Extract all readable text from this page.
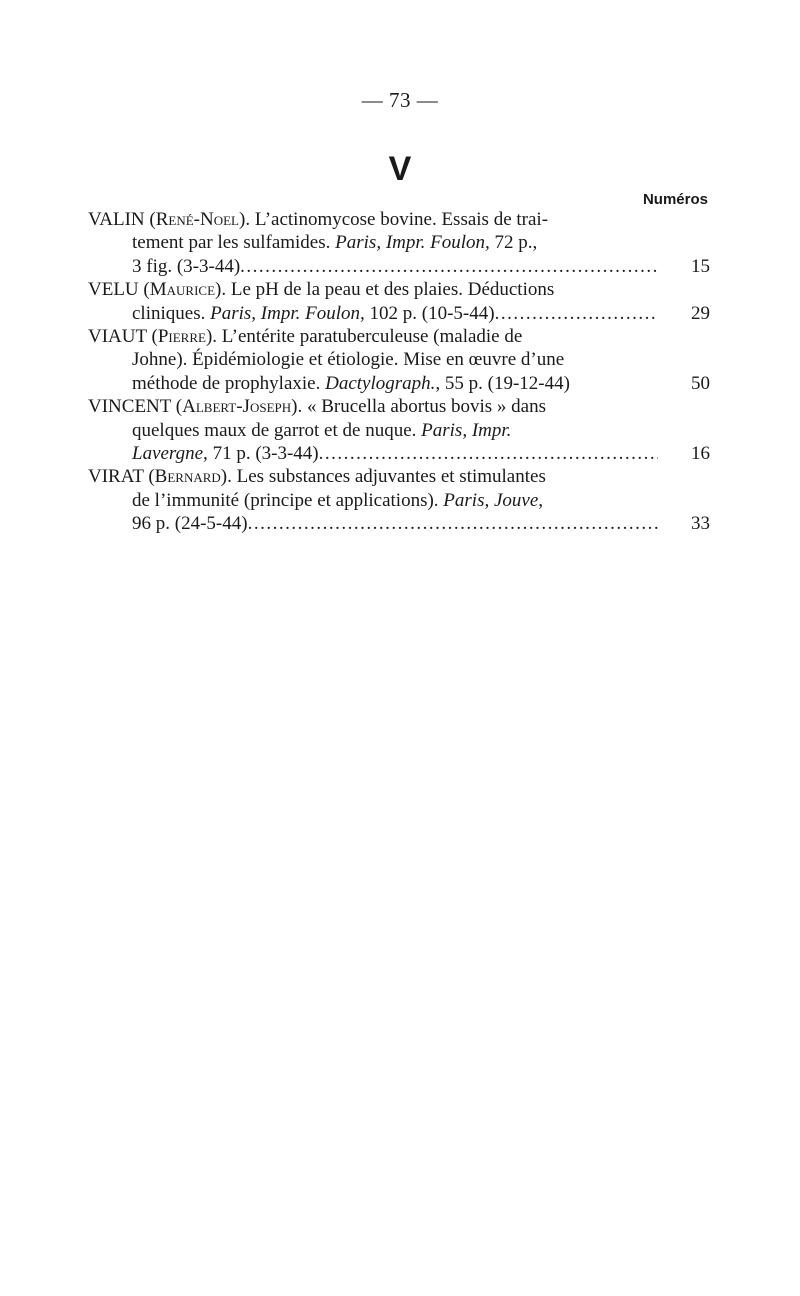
— 73 —
V
Numéros
VALIN (René-Noel). L’actinomycose bovine. Essais de trai-
tement par les sulfamides. Paris, Impr. Foulon, 72 p.,
3 fig. (3-3-44) .....	15
VELU (Maurice). Le pH de la peau et des plaies. Déductions
cliniques. Paris, Impr. Foulon, 102 p. (10-5-44) .....	29
VIAUT (Pierre). L’entérite paratuberculeuse (maladie de
Johne). Épidémiologie et étiologie. Mise en œuvre d’une
méthode de prophylaxie. Dactylograph., 55 p. (19-12-44)	50
VINCENT (Albert-Joseph). « Brucella abortus bovis » dans
quelques maux de garrot et de nuque. Paris, Impr.
Lavergne, 71 p. (3-3-44) .....	16
VIRAT (Bernard). Les substances adjuvantes et stimulantes
de l’immunité (principe et applications). Paris, Jouve,
96 p. (24-5-44) .....	33
